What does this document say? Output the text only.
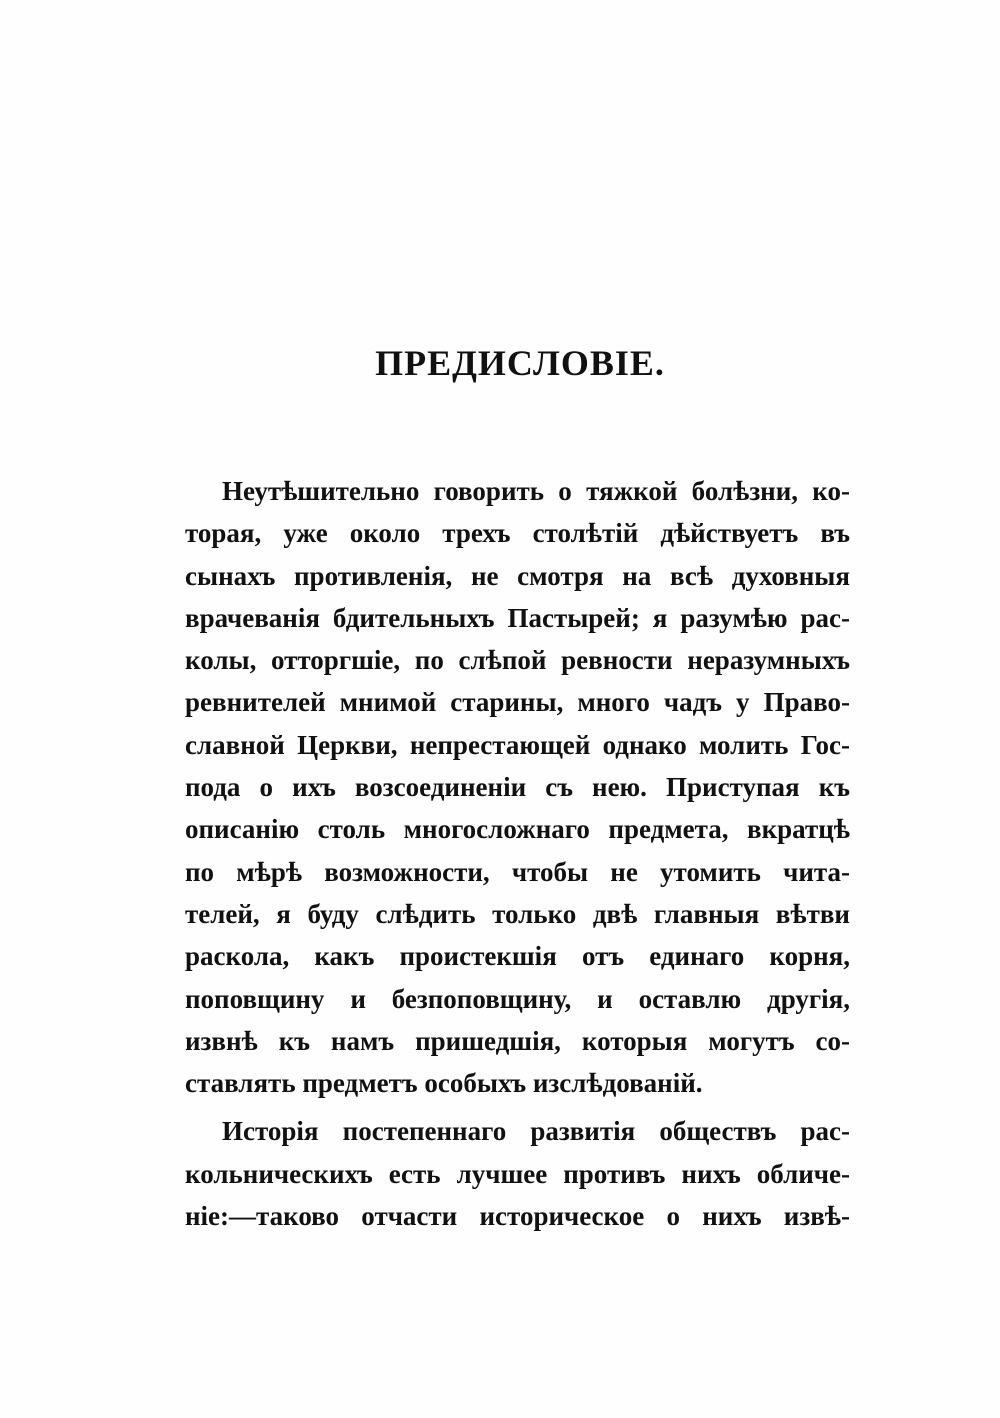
ПРЕДИСЛОВІЕ.
Неутѣшительно говорить о тяжкой болѣзни, ко-
торая, уже около трехъ столѣтій дѣйствуетъ въ
сынахъ противленія, не смотря на всѣ духовныя
врачеванія бдительныхъ Пастырей; я разумѣю рас-
колы, отторгшіе, по слѣпой ревности неразумныхъ
ревнителей мнимой старины, много чадъ у Право-
славной Церкви, непрестающей однако молить Гос-
пода о ихъ возсоединеніи съ нею. Приступая къ
описанію столь многосложнаго предмета, вкратцѣ
по мѣрѣ возможности, чтобы не утомить чита-
телей, я буду слѣдить только двѣ главныя вѣтви
раскола, какъ проистекшія отъ единаго корня,
поповщину и безпоповщину, и оставлю другія,
извнѣ къ намъ пришедшія, которыя могутъ со-
ставлять предметъ особыхъ изслѣдованій.
Исторія постепеннаго развитія обществъ рас-
кольническихъ есть лучшее противъ нихъ обличе-
ніе:—таково отчасти историческое о нихъ извѣ-
